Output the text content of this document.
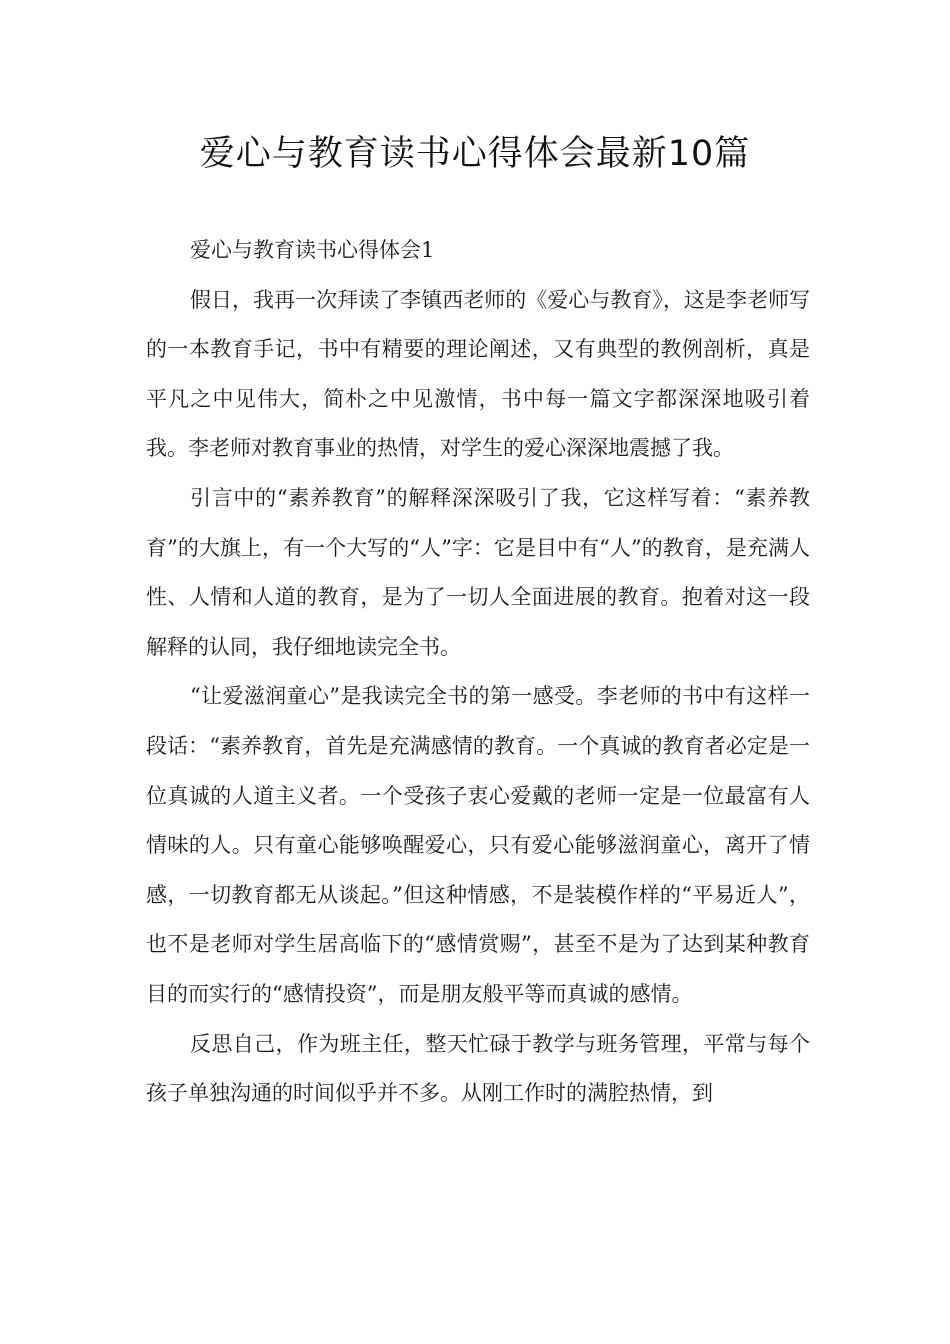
爱心与教育读书心得体会最新10篇

爱心与教育读书心得体会1

假日，我再一次拜读了李镇西老师的《爱心与教育》，这是李老师写的一本教育手记，书中有精要的理论阐述，又有典型的教例剖析，真是平凡之中见伟大，简朴之中见激情，书中每一篇文字都深深地吸引着我。李老师对教育事业的热情，对学生的爱心深深地震撼了我。

引言中的“素养教育”的解释深深吸引了我，它这样写着：“素养教育”的大旗上，有一个大写的“人”字：它是目中有“人”的教育，是充满人性、人情和人道的教育，是为了一切人全面进展的教育。抱着对这一段解释的认同，我仔细地读完全书。

“让爱滋润童心”是我读完全书的第一感受。李老师的书中有这样一段话：“素养教育，首先是充满感情的教育。一个真诚的教育者必定是一位真诚的人道主义者。一个受孩子衷心爱戴的老师一定是一位最富有人情味的人。只有童心能够唤醒爱心，只有爱心能够滋润童心，离开了情感，一切教育都无从谈起。”但这种情感，不是装模作样的“平易近人”，也不是老师对学生居高临下的“感情赏赐”，甚至不是为了达到某种教育目的而实行的“感情投资”，而是朋友般平等而真诚的感情。

反思自己，作为班主任，整天忙碌于教学与班务管理，平常与每个孩子单独沟通的时间似乎并不多。从刚工作时的满腔热情，到
